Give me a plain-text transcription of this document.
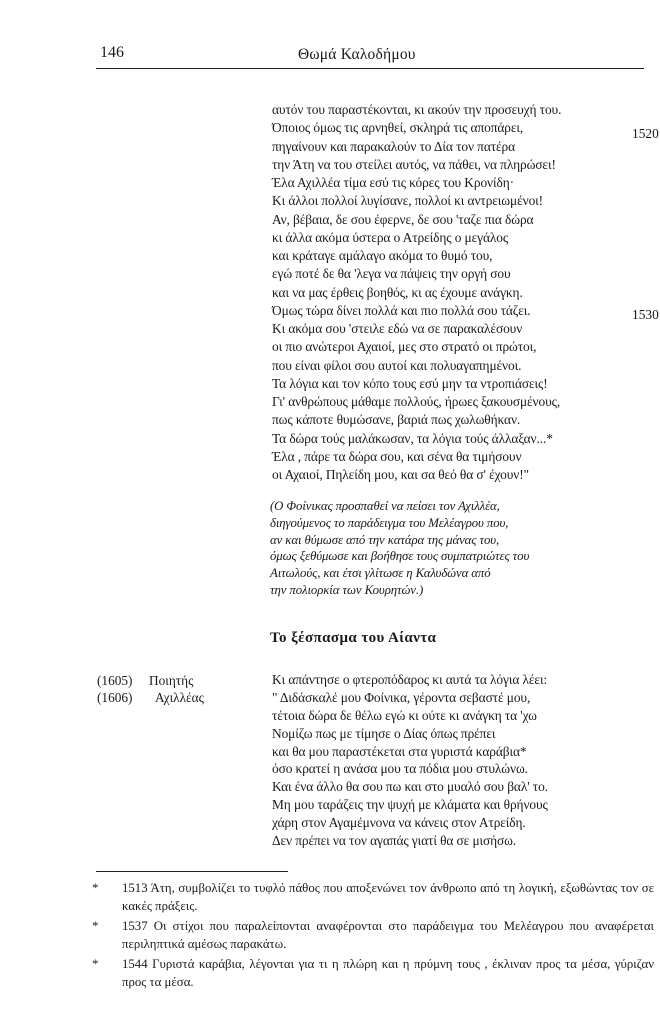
146	Θωμά Καλοδήμου
αυτόν του παραστέκονται, κι ακούν την προσευχή του.
Όποιος όμως τις αρνηθεί, σκληρά τις αποπάρει,
πηγαίνουν και παρακαλούν το Δία τον πατέρα
την Άτη να του στείλει αυτός, να πάθει, να πληρώσει!
Έλα Αχιλλέα τίμα εσύ τις κόρες του Κρονίδη·
Κι άλλοι πολλοί λυγίσανε, πολλοί κι αντρειωμένοι!
Αν, βέβαια, δε σου έφερνε, δε σου 'ταζε πια δώρα
κι άλλα ακόμα ύστερα ο Ατρείδης ο μεγάλος
και κράταγε αμάλαγο ακόμα το θυμό του,
εγώ ποτέ δε θα 'λεγα να πάψεις την οργή σου
και να μας έρθεις βοηθός, κι ας έχουμε ανάγκη.
Όμως τώρα δίνει πολλά και πιο πολλά σου τάζει.
Κι ακόμα σου 'στειλε εδώ να σε παρακαλέσουν
οι πιο ανώτεροι Αχαιοί, μες στο στρατό οι πρώτοι,
που είναι φίλοι σου αυτοί και πολυαγαπημένοι.
Τα λόγια και τον κόπο τους εσύ μην τα ντροπιάσεις!
Γι' ανθρώπους μάθαμε πολλούς, ήρωες ξακουσμένους,
πως κάποτε θυμώσανε, βαριά πως χωλωθήκαν.
Τα δώρα τούς μαλάκωσαν, τα λόγια τούς άλλαξαν...*
Έλα , πάρε τα δώρα σου, και σένα θα τιμήσουν
οι Αχαιοί, Πηλείδη μου, και σα θεό θα σ' έχουν!"
1520
1530
(Ο Φοίνικας προσπαθεί να πείσει τον Αχιλλέα,
διηγούμενος το παράδειγμα του Μελέαγρου που,
αν και θύμωσε από την κατάρα της μάνας του,
όμως ξεθύμωσε και βοήθησε τους συμπατριώτες του
Αιτωλούς, και έτσι γλίτωσε η Καλυδώνα από
την πολιορκία των Κουρητών.)
Το ξέσπασμα του Αίαντα
(1605) Ποιητής
(1606) Αχιλλέας
Κι απάντησε ο φτεροπόδαρος κι αυτά τα λόγια λέει:
" Διδάσκαλέ μου Φοίνικα, γέροντα σεβαστέ μου,
τέτοια δώρα δε θέλω εγώ κι ούτε κι ανάγκη τα 'χω
Νομίζω πως με τίμησε ο Δίας όπως πρέπει
και θα μου παραστέκεται στα γυριστά καράβια*
όσο κρατεί η ανάσα μου τα πόδια μου στυλώνω.
Και ένα άλλο θα σου πω και στο μυαλό σου βαλ' το.
Μη μου ταράζεις την ψυχή με κλάματα και θρήνους
χάρη στον Αγαμέμνονα να κάνεις στον Ατρείδη.
Δεν πρέπει να τον αγαπάς γιατί θα σε μισήσω.
* 1513 Άτη, συμβολίζει το τυφλό πάθος που αποξενώνει τον άνθρωπο από τη λογική, εξωθώντας τον σε κακές πράξεις.
* 1537 Οι στίχοι που παραλείπονται αναφέρονται στο παράδειγμα του Μελέαγρου που αναφέρεται περιληπτικά αμέσως παρακάτω.
* 1544 Γυριστά καράβια, λέγονται για τι η πλώρη και η πρύμνη τους , έκλιναν προς τα μέσα, γύριζαν προς τα μέσα.
